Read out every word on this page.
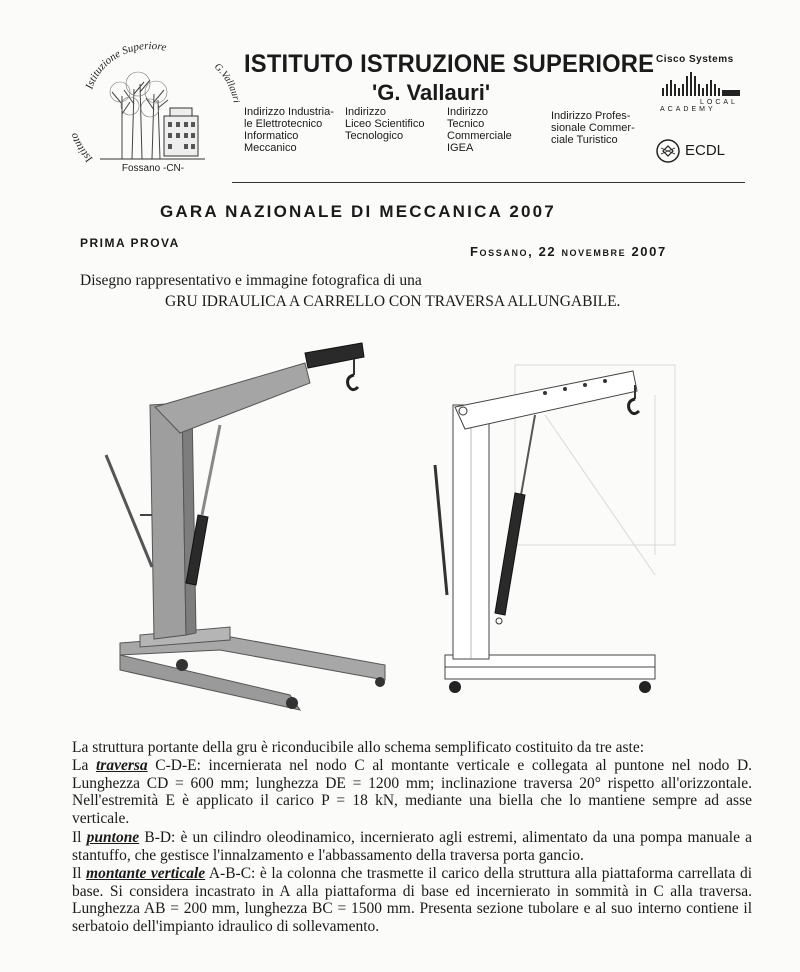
Istituzione Superiore
Istituto
G.Vallau
Fossano -CN-
ISTITUTO ISTRUZIONE SUPERIORE
'G. Vallauri'
Indirizzo Industria-
le Elettrotecnico
Informatico
Meccanico
Indirizzo
Liceo Scientifico
Tecnologico
Indirizzo
Tecnico
Commerciale
IGEA
Indirizzo Profes-
sionale Commer-
ciale Turistico
Cisco Systems
LOCAL
ACADEMY
ECDL
GARA NAZIONALE DI MECCANICA 2007
PRIMA PROVA
Fossano, 22 novembre 2007
Disegno rappresentativo e immagine fotografica di una
GRU IDRAULICA A CARRELLO CON TRAVERSA ALLUNGABILE.
La struttura portante della gru è riconducibile allo schema semplificato costituito da tre aste:
La traversa C-D-E: incernierata nel nodo C al montante verticale e collegata al puntone nel nodo D. Lunghezza CD = 600 mm; lunghezza DE = 1200 mm; inclinazione traversa 20° rispetto all'orizzontale. Nell'estremità E è applicato il carico P = 18 kN, mediante una biella che lo mantiene sempre ad asse verticale.
Il puntone B-D: è un cilindro oleodinamico, incernierato agli estremi, alimentato da una pompa manuale a stantuffo, che gestisce l'innalzamento e l'abbassamento della traversa porta gancio.
Il montante verticale A-B-C: è la colonna che trasmette il carico della struttura alla piattaforma carrellata di base. Si considera incastrato in A alla piattaforma di base ed incernierato in sommità in C alla traversa. Lunghezza AB = 200 mm, lunghezza BC = 1500 mm. Presenta sezione tubolare e al suo interno contiene il serbatoio dell'impianto idraulico di sollevamento.
